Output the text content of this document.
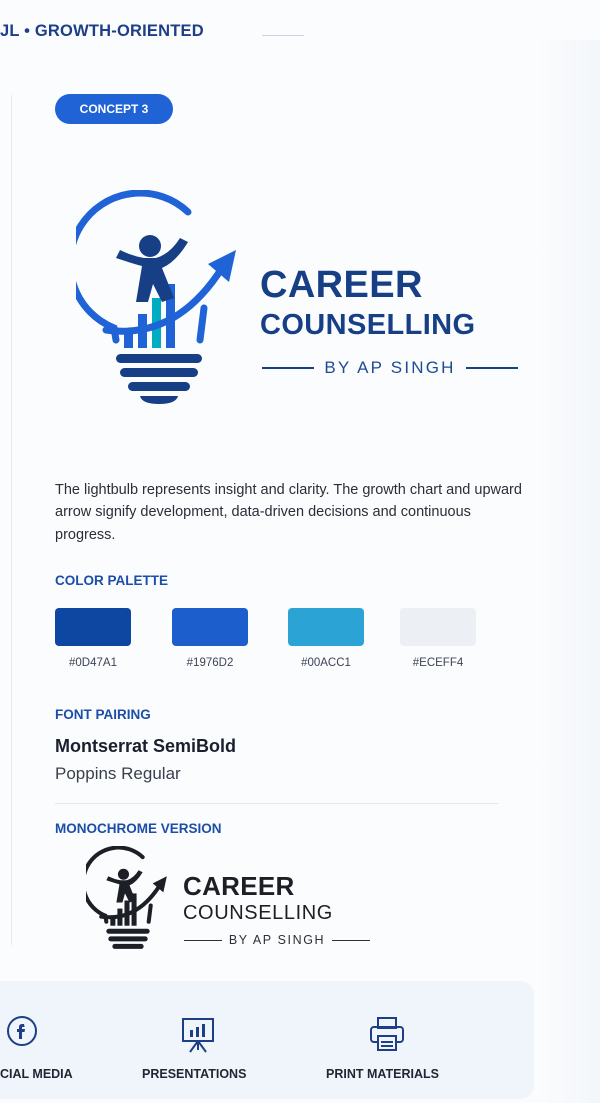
JL • GROWTH-ORIENTED
CONCEPT 3
CAREER
COUNSELLING
BY AP SINGH

The lightbulb represents insight and clarity. The growth chart and upward arrow signify development, data-driven decisions and continuous progress.

COLOR PALETTE
#0D47A1	#1976D2	#00ACC1	#ECEFF4
FONT PAIRING
Montserrat SemiBold
Poppins Regular
MONOCHROME VERSION
CAREER
COUNSELLING
BY AP SINGH
CIAL MEDIA	PRESENTATIONS	PRINT MATERIALS
